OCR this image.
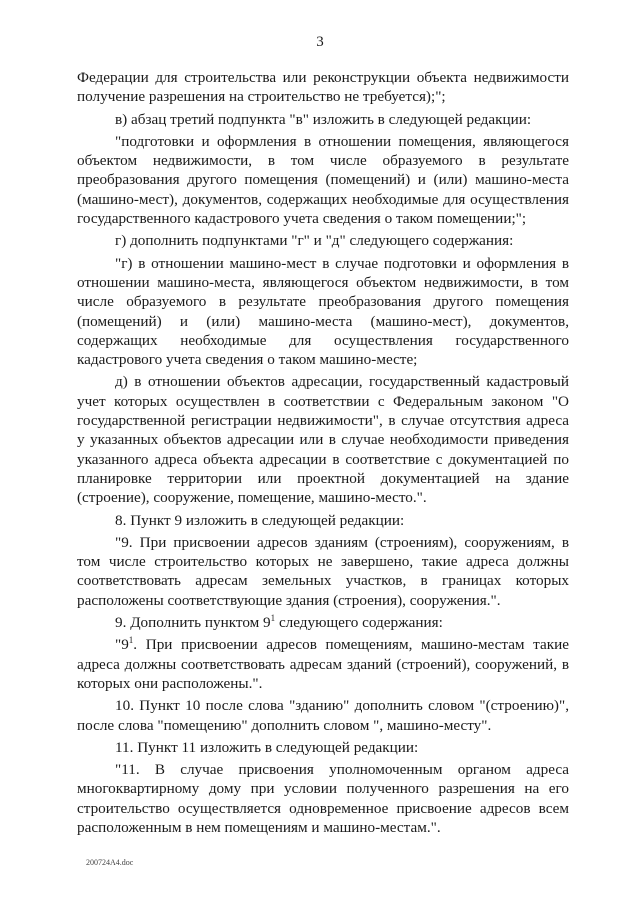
3

Федерации для строительства или реконструкции объекта недвижимости получение разрешения на строительство не требуется);";

в) абзац третий подпункта "в" изложить в следующей редакции:

"подготовки и оформления в отношении помещения, являющегося объектом недвижимости, в том числе образуемого в результате преобразования другого помещения (помещений) и (или) машино-места (машино-мест), документов, содержащих необходимые для осуществления государственного кадастрового учета сведения о таком помещении;";

г) дополнить подпунктами "г" и "д" следующего содержания:

"г) в отношении машино-мест в случае подготовки и оформления в отношении машино-места, являющегося объектом недвижимости, в том числе образуемого в результате преобразования другого помещения (помещений) и (или) машино-места (машино-мест), документов, содержащих необходимые для осуществления государственного кадастрового учета сведения о таком машино-месте;

д) в отношении объектов адресации, государственный кадастровый учет которых осуществлен в соответствии с Федеральным законом "О государственной регистрации недвижимости", в случае отсутствия адреса у указанных объектов адресации или в случае необходимости приведения указанного адреса объекта адресации в соответствие с документацией по планировке территории или проектной документацией на здание (строение), сооружение, помещение, машино-место.".

8. Пункт 9 изложить в следующей редакции:

"9. При присвоении адресов зданиям (строениям), сооружениям, в том числе строительство которых не завершено, такие адреса должны соответствовать адресам земельных участков, в границах которых расположены соответствующие здания (строения), сооружения.".

9. Дополнить пунктом $9^1$ следующего содержания:

"$9^1$. При присвоении адресов помещениям, машино-местам такие адреса должны соответствовать адресам зданий (строений), сооружений, в которых они расположены.".

10. Пункт 10 после слова "зданию" дополнить словом "(строению)", после слова "помещению" дополнить словом ", машино-месту".

11. Пункт 11 изложить в следующей редакции:

"11. В случае присвоения уполномоченным органом адреса многоквартирному дому при условии полученного разрешения на его строительство осуществляется одновременное присвоение адресов всем расположенным в нем помещениям и машино-местам.".

200724А4.doc
